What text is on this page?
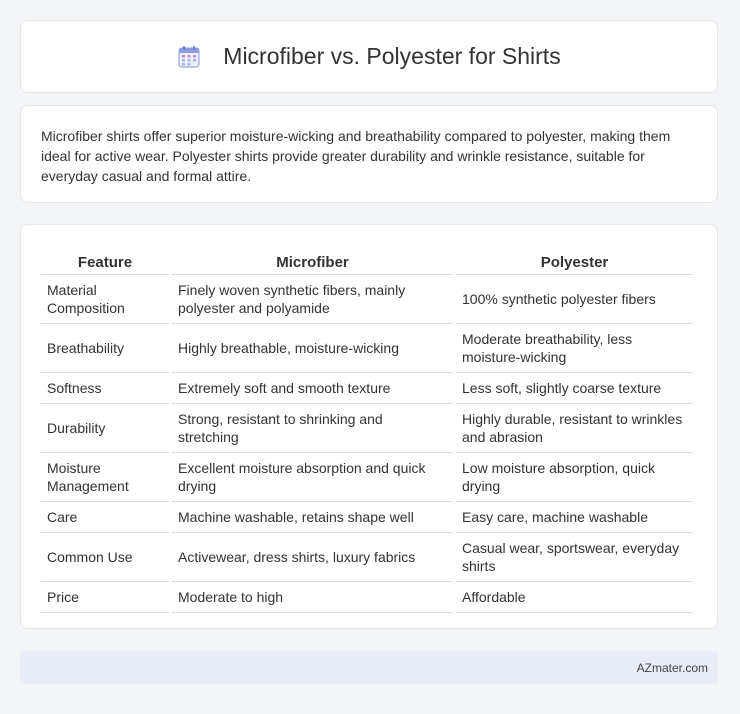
Microfiber vs. Polyester for Shirts

Microfiber shirts offer superior moisture-wicking and breathability compared to polyester, making them ideal for active wear. Polyester shirts provide greater durability and wrinkle resistance, suitable for everyday casual and formal attire.

Feature	Microfiber	Polyester
Material Composition	Finely woven synthetic fibers, mainly polyester and polyamide	100% synthetic polyester fibers
Breathability	Highly breathable, moisture-wicking	Moderate breathability, less moisture-wicking
Softness	Extremely soft and smooth texture	Less soft, slightly coarse texture
Durability	Strong, resistant to shrinking and stretching	Highly durable, resistant to wrinkles and abrasion
Moisture Management	Excellent moisture absorption and quick drying	Low moisture absorption, quick drying
Care	Machine washable, retains shape well	Easy care, machine washable
Common Use	Activewear, dress shirts, luxury fabrics	Casual wear, sportswear, everyday shirts
Price	Moderate to high	Affordable
AZmater.com
